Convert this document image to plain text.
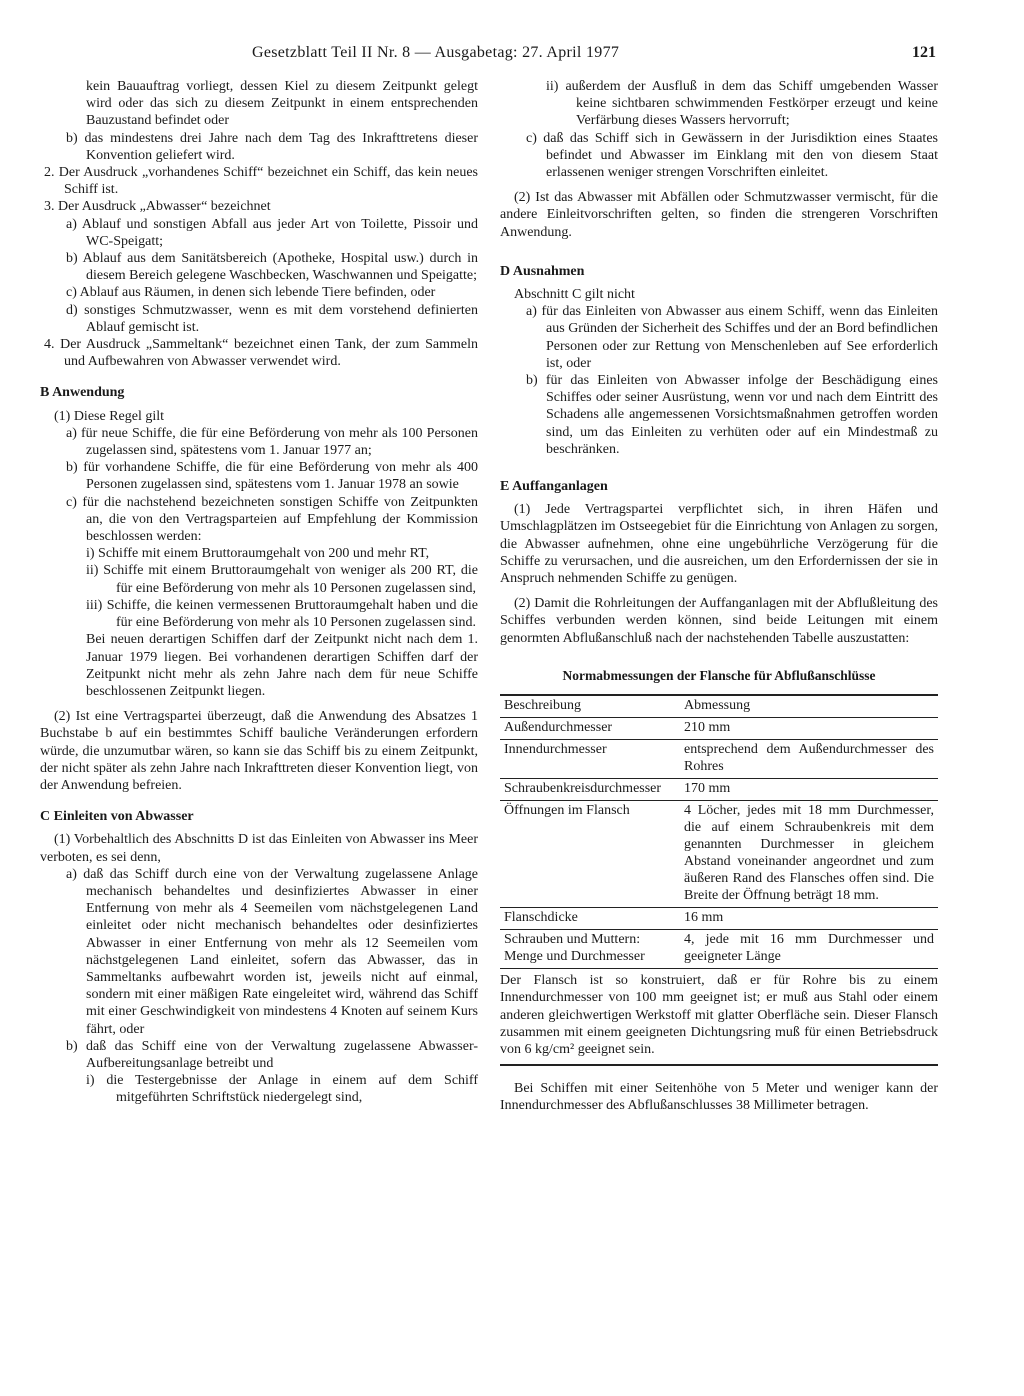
Gesetzblatt Teil II Nr. 8 — Ausgabetag: 27. April 1977	121

kein Bauauftrag vorliegt, dessen Kiel zu diesem Zeitpunkt gelegt wird oder das sich zu diesem Zeitpunkt in einem entsprechenden Bauzustand befindet oder

b) das mindestens drei Jahre nach dem Tag des Inkrafttretens dieser Konvention geliefert wird.

2. Der Ausdruck „vorhandenes Schiff“ bezeichnet ein Schiff, das kein neues Schiff ist.

3. Der Ausdruck „Abwasser“ bezeichnet

a) Ablauf und sonstigen Abfall aus jeder Art von Toilette, Pissoir und WC-Speigatt;

b) Ablauf aus dem Sanitätsbereich (Apotheke, Hospital usw.) durch in diesem Bereich gelegene Waschbecken, Waschwannen und Speigatte;

c) Ablauf aus Räumen, in denen sich lebende Tiere befinden, oder

d) sonstiges Schmutzwasser, wenn es mit dem vorstehend definierten Ablauf gemischt ist.

4. Der Ausdruck „Sammeltank“ bezeichnet einen Tank, der zum Sammeln und Aufbewahren von Abwasser verwendet wird.

B Anwendung

(1) Diese Regel gilt

a) für neue Schiffe, die für eine Beförderung von mehr als 100 Personen zugelassen sind, spätestens vom 1. Januar 1977 an;

b) für vorhandene Schiffe, die für eine Beförderung von mehr als 400 Personen zugelassen sind, spätestens vom 1. Januar 1978 an sowie

c) für die nachstehend bezeichneten sonstigen Schiffe von Zeitpunkten an, die von den Vertragsparteien auf Empfehlung der Kommission beschlossen werden:

i) Schiffe mit einem Bruttoraumgehalt von 200 und mehr RT,

ii) Schiffe mit einem Bruttoraumgehalt von weniger als 200 RT, die für eine Beförderung von mehr als 10 Personen zugelassen sind,

iii) Schiffe, die keinen vermessenen Bruttoraumgehalt haben und die für eine Beförderung von mehr als 10 Personen zugelassen sind.

Bei neuen derartigen Schiffen darf der Zeitpunkt nicht nach dem 1. Januar 1979 liegen. Bei vorhandenen derartigen Schiffen darf der Zeitpunkt nicht mehr als zehn Jahre nach dem für neue Schiffe beschlossenen Zeitpunkt liegen.

(2) Ist eine Vertragspartei überzeugt, daß die Anwendung des Absatzes 1 Buchstabe b auf ein bestimmtes Schiff bauliche Veränderungen erfordern würde, die unzumutbar wären, so kann sie das Schiff bis zu einem Zeitpunkt, der nicht später als zehn Jahre nach Inkrafttreten dieser Konvention liegt, von der Anwendung befreien.

C Einleiten von Abwasser

(1) Vorbehaltlich des Abschnitts D ist das Einleiten von Abwasser ins Meer verboten, es sei denn,

a) daß das Schiff durch eine von der Verwaltung zugelassene Anlage mechanisch behandeltes und desinfiziertes Abwasser in einer Entfernung von mehr als 4 Seemeilen vom nächstgelegenen Land einleitet oder nicht mechanisch behandeltes oder desinfiziertes Abwasser in einer Entfernung von mehr als 12 Seemeilen vom nächstgelegenen Land einleitet, sofern das Abwasser, das in Sammeltanks aufbewahrt worden ist, jeweils nicht auf einmal, sondern mit einer mäßigen Rate eingeleitet wird, während das Schiff mit einer Geschwindigkeit von mindestens 4 Knoten auf seinem Kurs fährt, oder

b) daß das Schiff eine von der Verwaltung zugelassene Abwasser-Aufbereitungsanlage betreibt und

i) die Testergebnisse der Anlage in einem auf dem Schiff mitgeführten Schriftstück niedergelegt sind,

ii) außerdem der Ausfluß in dem das Schiff umgebenden Wasser keine sichtbaren schwimmenden Festkörper erzeugt und keine Verfärbung dieses Wassers hervorruft;

c) daß das Schiff sich in Gewässern in der Jurisdiktion eines Staates befindet und Abwasser im Einklang mit den von diesem Staat erlassenen weniger strengen Vorschriften einleitet.

(2) Ist das Abwasser mit Abfällen oder Schmutzwasser vermischt, für die andere Einleitvorschriften gelten, so finden die strengeren Vorschriften Anwendung.

D Ausnahmen

Abschnitt C gilt nicht

a) für das Einleiten von Abwasser aus einem Schiff, wenn das Einleiten aus Gründen der Sicherheit des Schiffes und der an Bord befindlichen Personen oder zur Rettung von Menschenleben auf See erforderlich ist, oder

b) für das Einleiten von Abwasser infolge der Beschädigung eines Schiffes oder seiner Ausrüstung, wenn vor und nach dem Eintritt des Schadens alle angemessenen Vorsichtsmaßnahmen getroffen worden sind, um das Einleiten zu verhüten oder auf ein Mindestmaß zu beschränken.

E Auffanganlagen

(1) Jede Vertragspartei verpflichtet sich, in ihren Häfen und Umschlagplätzen im Ostseegebiet für die Einrichtung von Anlagen zu sorgen, die Abwasser aufnehmen, ohne eine ungebührliche Verzögerung für die Schiffe zu verursachen, und die ausreichen, um den Erfordernissen der sie in Anspruch nehmenden Schiffe zu genügen.

(2) Damit die Rohrleitungen der Auffanganlagen mit der Abflußleitung des Schiffes verbunden werden können, sind beide Leitungen mit einem genormten Abflußanschluß nach der nachstehenden Tabelle auszustatten:

Normabmessungen der Flansche für Abflußanschlüsse

Beschreibung	Abmessung
Außendurchmesser	210 mm
Innendurchmesser	entsprechend dem Außendurchmesser des Rohres
Schraubenkreisdurchmesser	170 mm
Öffnungen im Flansch	4 Löcher, jedes mit 18 mm Durchmesser, die auf einem Schraubenkreis mit dem genannten Durchmesser in gleichem Abstand voneinander angeordnet und zum äußeren Rand des Flansches offen sind. Die Breite der Öffnung beträgt 18 mm.
Flanschdicke	16 mm
Schrauben und Muttern: Menge und Durchmesser	4, jede mit 16 mm Durchmesser und geeigneter Länge

Der Flansch ist so konstruiert, daß er für Rohre bis zu einem Innendurchmesser von 100 mm geeignet ist; er muß aus Stahl oder einem anderen gleichwertigen Werkstoff mit glatter Oberfläche sein. Dieser Flansch zusammen mit einem geeigneten Dichtungsring muß für einen Betriebsdruck von 6 kg/cm² geeignet sein.

Bei Schiffen mit einer Seitenhöhe von 5 Meter und weniger kann der Innendurchmesser des Abflußanschlusses 38 Millimeter betragen.
